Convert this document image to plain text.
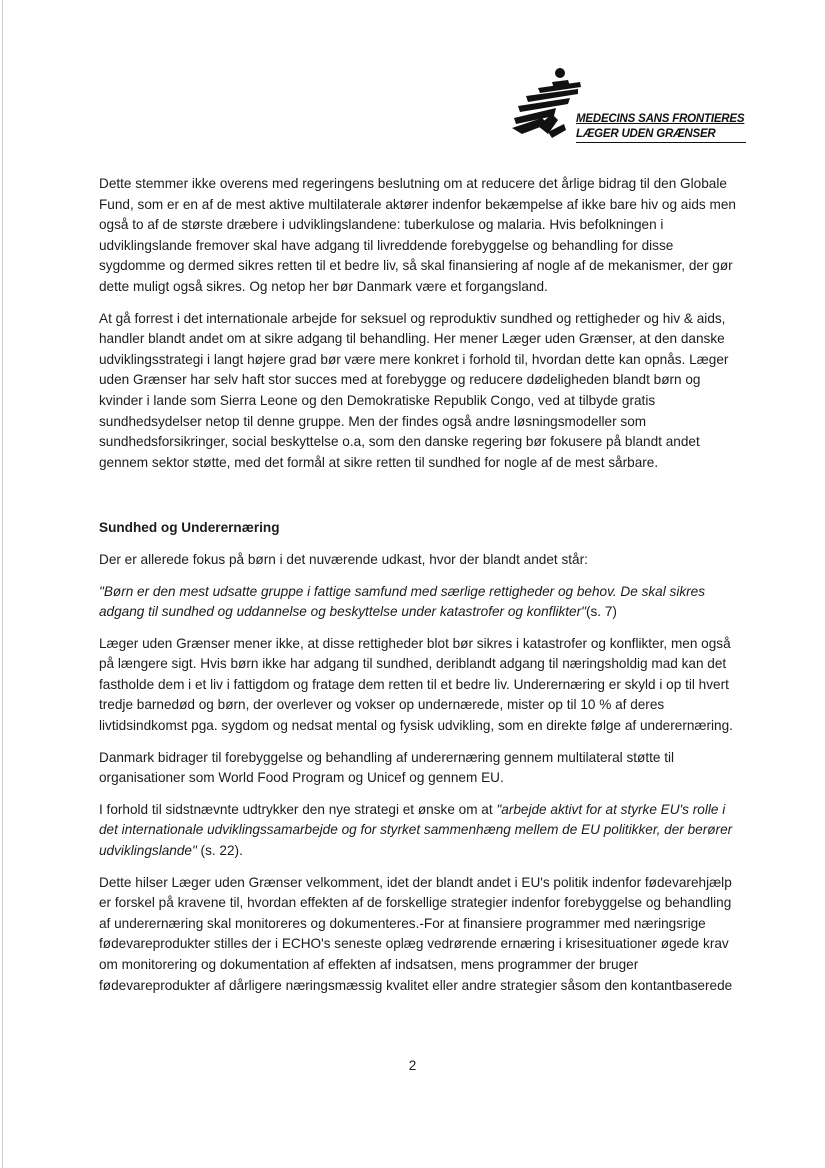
MEDECINS SANS FRONTIERES
LÆGER UDEN GRÆNSER

Dette stemmer ikke overens med regeringens beslutning om at reducere det årlige bidrag til den Globale Fund, som er en af de mest aktive multilaterale aktører indenfor bekæmpelse af ikke bare hiv og aids men også to af de største dræbere i udviklingslandene: tuberkulose og malaria. Hvis befolkningen i udviklingslande fremover skal have adgang til livreddende forebyggelse og behandling for disse sygdomme og dermed sikres retten til et bedre liv, så skal finansiering af nogle af de mekanismer, der gør dette muligt også sikres. Og netop her bør Danmark være et forgangsland.

At gå forrest i det internationale arbejde for seksuel og reproduktiv sundhed og rettigheder og hiv & aids, handler blandt andet om at sikre adgang til behandling. Her mener Læger uden Grænser, at den danske udviklingsstrategi i langt højere grad bør være mere konkret i forhold til, hvordan dette kan opnås. Læger uden Grænser har selv haft stor succes med at forebygge og reducere dødeligheden blandt børn og kvinder i lande som Sierra Leone og den Demokratiske Republik Congo, ved at tilbyde gratis sundhedsydelser netop til denne gruppe. Men der findes også andre løsningsmodeller som sundhedsforsikringer, social beskyttelse o.a, som den danske regering bør fokusere på blandt andet gennem sektor støtte, med det formål at sikre retten til sundhed for nogle af de mest sårbare.

Sundhed og Underernæring

Der er allerede fokus på børn i det nuværende udkast, hvor der blandt andet står:

"Børn er den mest udsatte gruppe i fattige samfund med særlige rettigheder og behov. De skal sikres adgang til sundhed og uddannelse og beskyttelse under katastrofer og konflikter"(s. 7)

Læger uden Grænser mener ikke, at disse rettigheder blot bør sikres i katastrofer og konflikter, men også på længere sigt. Hvis børn ikke har adgang til sundhed, deriblandt adgang til næringsholdig mad kan det fastholde dem i et liv i fattigdom og fratage dem retten til et bedre liv. Underernæring er skyld i op til hvert tredje barnedød og børn, der overlever og vokser op undernærede, mister op til 10 % af deres livtidsindkomst pga. sygdom og nedsat mental og fysisk udvikling, som en direkte følge af underernæring.

Danmark bidrager til forebyggelse og behandling af underernæring gennem multilateral støtte til organisationer som World Food Program og Unicef og gennem EU.

I forhold til sidstnævnte udtrykker den nye strategi et ønske om at "arbejde aktivt for at styrke EU's rolle i det internationale udviklingssamarbejde og for styrket sammenhæng mellem de EU politikker, der berører udviklingslande" (s. 22).

Dette hilser Læger uden Grænser velkomment, idet der blandt andet i EU's politik indenfor fødevarehjælp er forskel på kravene til, hvordan effekten af de forskellige strategier indenfor forebyggelse og behandling af underernæring skal monitoreres og dokumenteres.-For at finansiere programmer med næringsrige fødevareprodukter stilles der i ECHO's seneste oplæg vedrørende ernæring i krisesituationer øgede krav om monitorering og dokumentation af effekten af indsatsen, mens programmer der bruger fødevareprodukter af dårligere næringsmæssig kvalitet eller andre strategier såsom den kontantbaserede

2
